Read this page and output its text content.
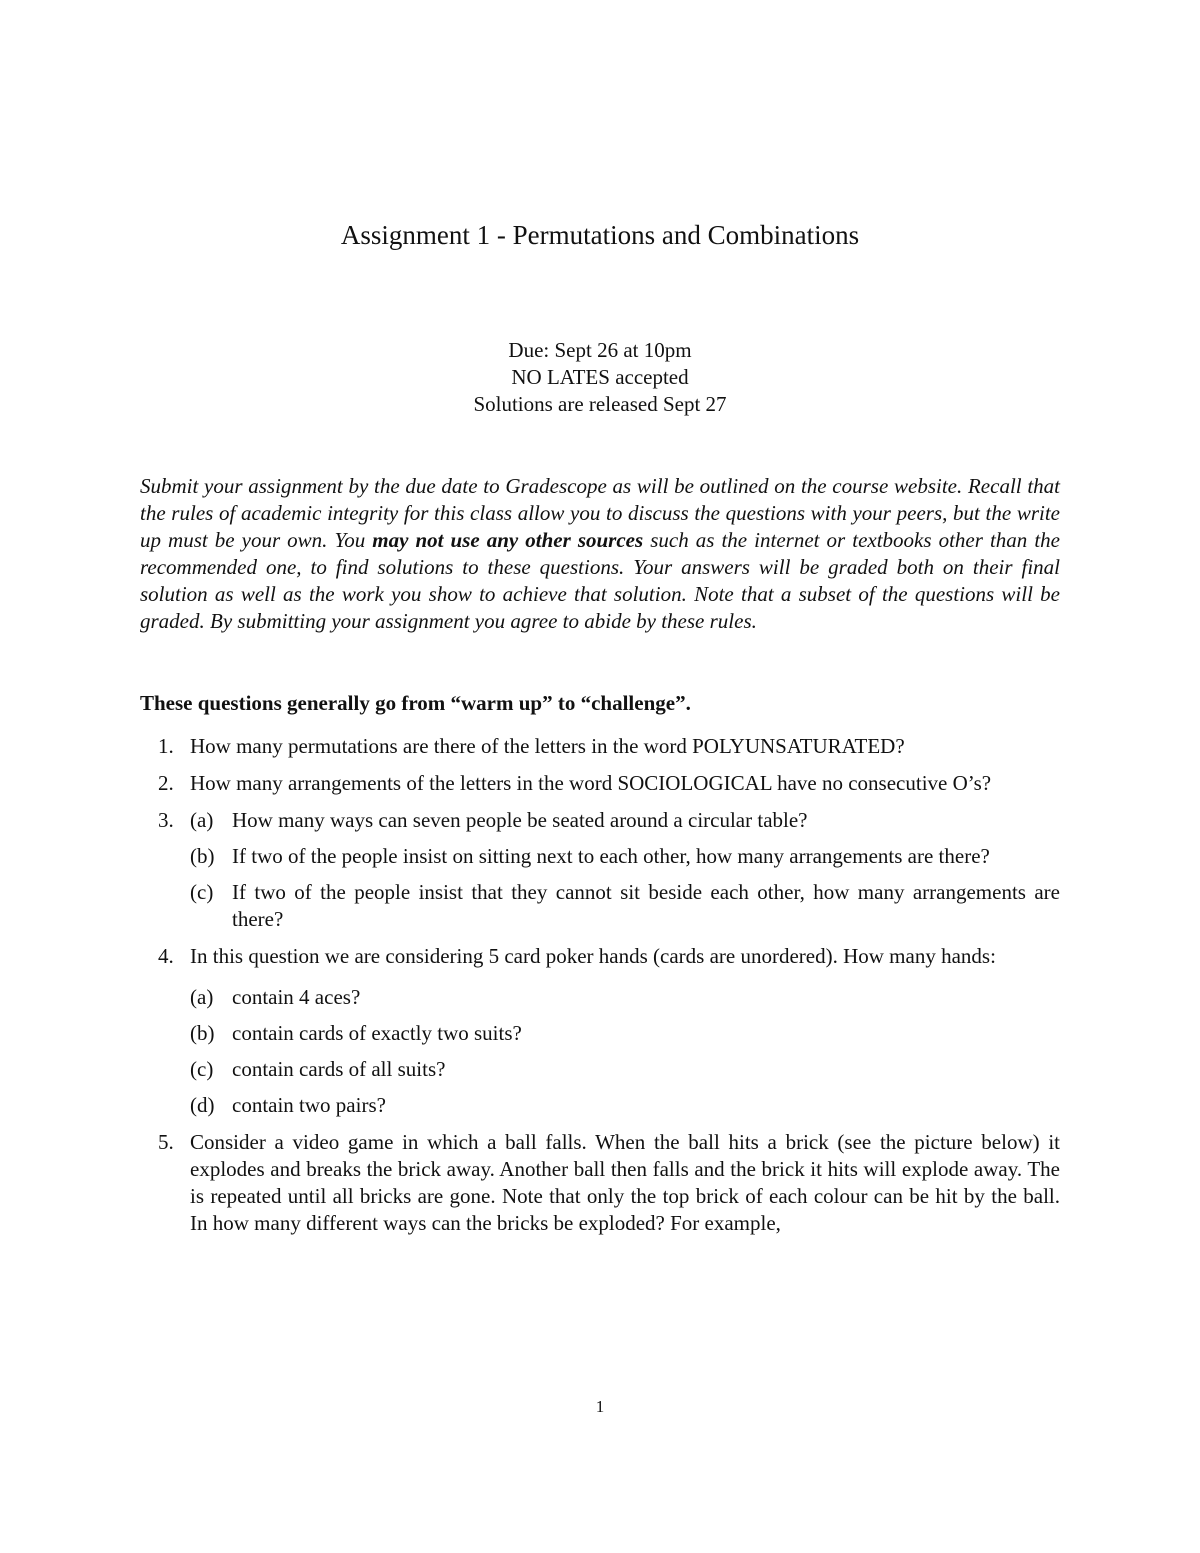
Assignment 1 - Permutations and Combinations
Due: Sept 26 at 10pm
NO LATES accepted
Solutions are released Sept 27
Submit your assignment by the due date to Gradescope as will be outlined on the course website. Recall that the rules of academic integrity for this class allow you to discuss the questions with your peers, but the write up must be your own. You may not use any other sources such as the internet or textbooks other than the recommended one, to find solutions to these questions. Your answers will be graded both on their final solution as well as the work you show to achieve that solution. Note that a subset of the questions will be graded. By submitting your assignment you agree to abide by these rules.
These questions generally go from “warm up” to “challenge”.
1. How many permutations are there of the letters in the word POLYUNSATURATED?
2. How many arrangements of the letters in the word SOCIOLOGICAL have no consecutive O’s?
3. (a) How many ways can seven people be seated around a circular table?
(b) If two of the people insist on sitting next to each other, how many arrangements are there?
(c) If two of the people insist that they cannot sit beside each other, how many arrangements are there?
4. In this question we are considering 5 card poker hands (cards are unordered). How many hands:
(a) contain 4 aces?
(b) contain cards of exactly two suits?
(c) contain cards of all suits?
(d) contain two pairs?
5. Consider a video game in which a ball falls. When the ball hits a brick (see the picture below) it explodes and breaks the brick away. Another ball then falls and the brick it hits will explode away. The is repeated until all bricks are gone. Note that only the top brick of each colour can be hit by the ball. In how many different ways can the bricks be exploded? For example,
1
